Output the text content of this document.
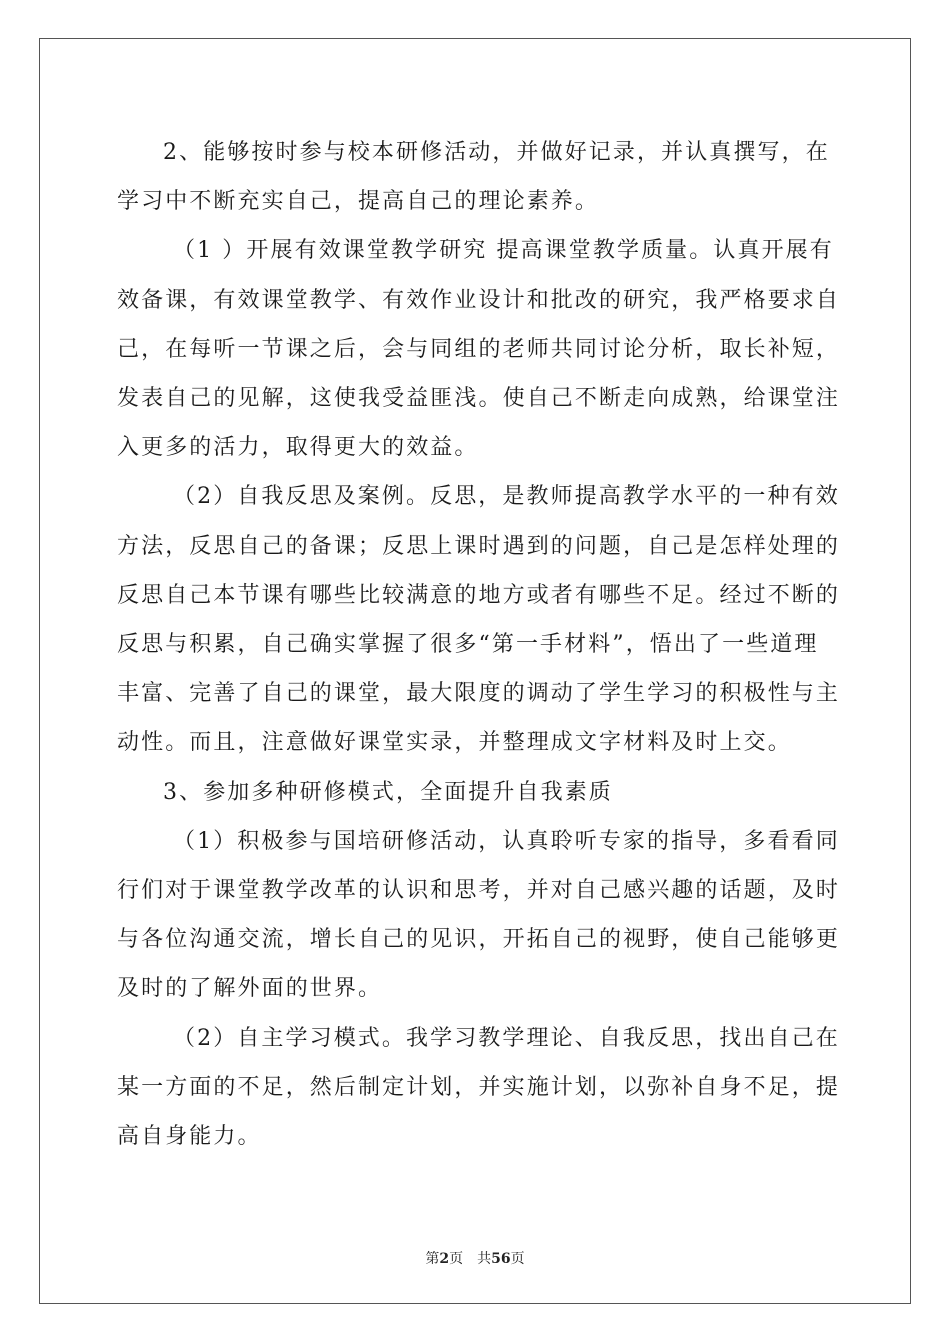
2、能够按时参与校本研修活动，并做好记录，并认真撰写，在
学习中不断充实自己，提高自己的理论素养。

（1 ）开展有效课堂教学研究 提高课堂教学质量。认真开展有
效备课，有效课堂教学、有效作业设计和批改的研究，我严格要求自
己，在每听一节课之后，会与同组的老师共同讨论分析，取长补短，
发表自己的见解，这使我受益匪浅。使自己不断走向成熟，给课堂注
入更多的活力，取得更大的效益。

（2）自我反思及案例。反思，是教师提高教学水平的一种有效
方法，反思自己的备课；反思上课时遇到的问题，自己是怎样处理的
反思自己本节课有哪些比较满意的地方或者有哪些不足。经过不断的
反思与积累，自己确实掌握了很多“第一手材料”，悟出了一些道理
丰富、完善了自己的课堂，最大限度的调动了学生学习的积极性与主
动性。而且，注意做好课堂实录，并整理成文字材料及时上交。

3、参加多种研修模式，全面提升自我素质

（1）积极参与国培研修活动，认真聆听专家的指导，多看看同
行们对于课堂教学改革的认识和思考，并对自己感兴趣的话题，及时
与各位沟通交流，增长自己的见识，开拓自己的视野，使自己能够更
及时的了解外面的世界。

（2）自主学习模式。我学习教学理论、自我反思，找出自己在
某一方面的不足，然后制定计划，并实施计划，以弥补自身不足，提
高自身能力。

第2页 共56页
